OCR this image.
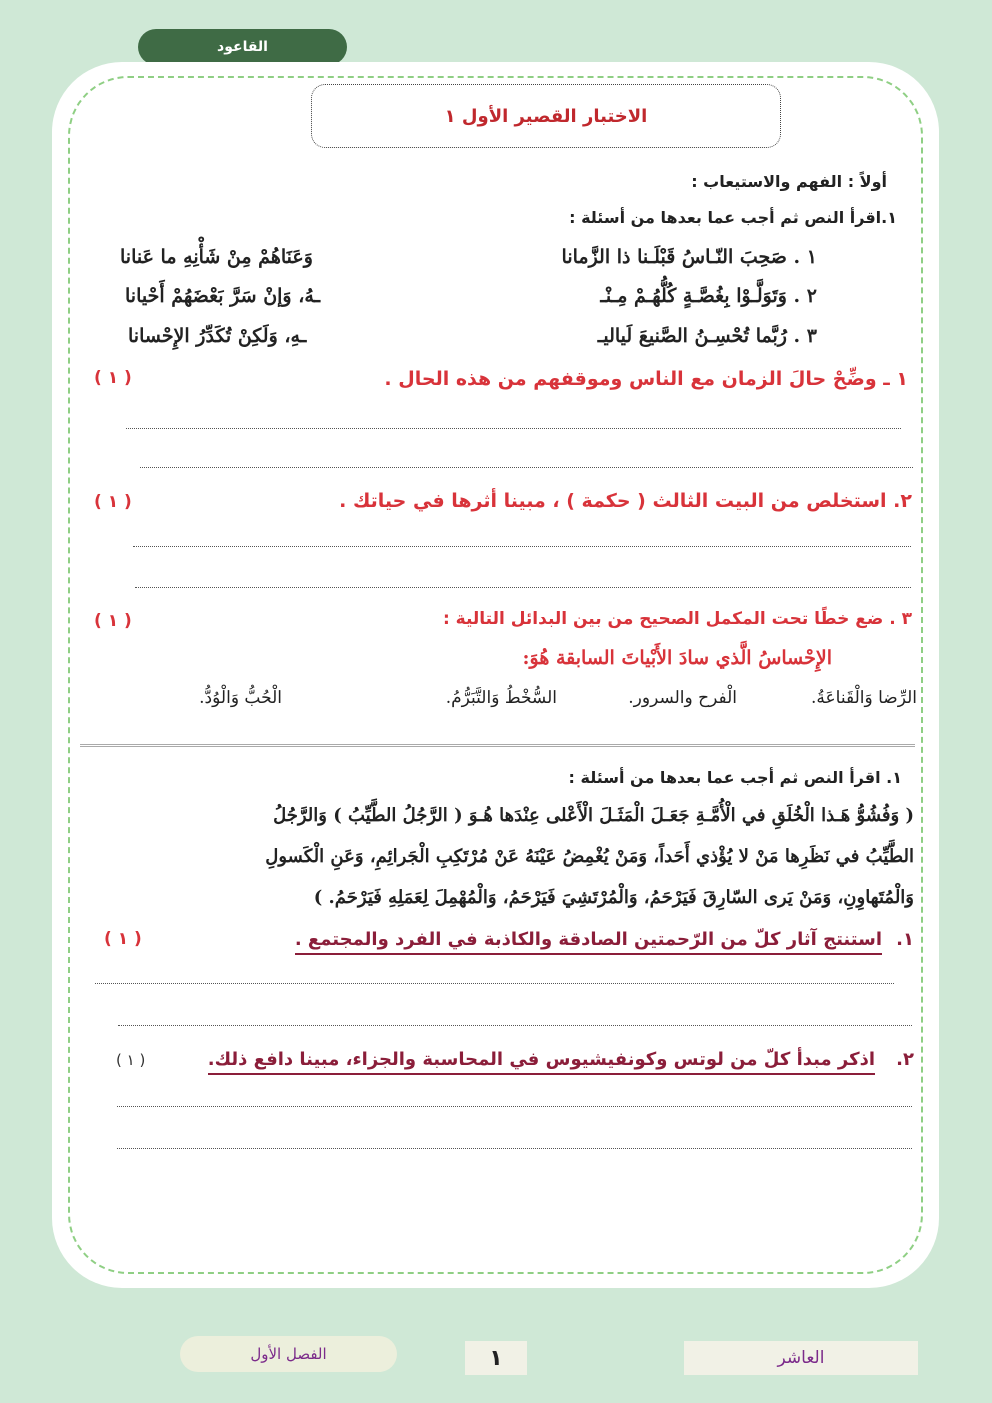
القاعود
الاختبار القصير الأول ١
أولاً : الفهم والاستيعاب :
١.اقرأ النص ثم أجب عما بعدها من أسئلة :
١ . صَحِبَ النّـاسُ قَبْلَـنا ذا الزَّمانا
وَعَنَاهُمْ مِنْ شَأْنِهِ ما عَنانا
٢ . وَتَوَلَّـوْا بِغُصَّـةٍ كُلُّهُـمْ مِـنْـ
ـهُ، وَإنْ سَرَّ بَعْضَهُمْ أَحْيانا
٣ . رُبَّما تُحْسِـنُ الصَّنيعَ لَياليـ
ـهِ، وَلَكِنْ تُكَدِّرُ الإِحْسانا
١ ـ وضِّحْ حالَ الزمان مع الناس وموقفهم من هذه الحال .
( ١ )
٢. استخلص من البيت الثالث ( حكمة ) ، مبينا أثرها في حياتك .
( ١ )
٣ . ضع خطًا تحت المكمل الصحيح من بين البدائل التالية :
( ١ )
الإِحْساسُ الَّذي سادَ الأَبْياتَ السابقة هُوَ:
الرِّضا وَالْقَناعَةُ.
الْفرح والسرور.
السُّخْطُ وَالتَّبَرُّمُ.
الْحُبُّ وَالْوُدُّ.
١. اقرأ النص ثم أجب عما بعدها من أسئلة :
( وَفُشُوُّ هَـذا الْخُلَقِ في الْأُمَّـةِ جَعَـلَ الْمَثَـلَ الْأَعْلى عِنْدَها هُـوَ ( الرَّجُلُ الطَّيِّبُ ) وَالرَّجُلُ
الطَّيِّبُ في نَظَرِها مَنْ لا يُؤْذي أَحَداً، وَمَنْ يُغْمِضُ عَيْنَهُ عَنْ مُرْتَكِبِ الْجَرائِمِ، وَعَنِ الْكَسولِ
وَالْمُتَهاوِنِ، وَمَنْ يَرى السّارِقَ فَيَرْحَمُ، وَالْمُرْتَشِيَ فَيَرْحَمُ، وَالْمُهْمِلَ لِعَمَلِهِ فَيَرْحَمُ. )
١.
استنتج آثار كلّ من الرّحمتين الصادقة والكاذبة في الفرد والمجتمع .
( ١ )
٢.
اذكر مبدأ كلّ من لوتس وكونفيشيوس في المحاسبة والجزاء، مبينا دافع ذلك.
( ١ )
الفصل الأول	١	العاشر
